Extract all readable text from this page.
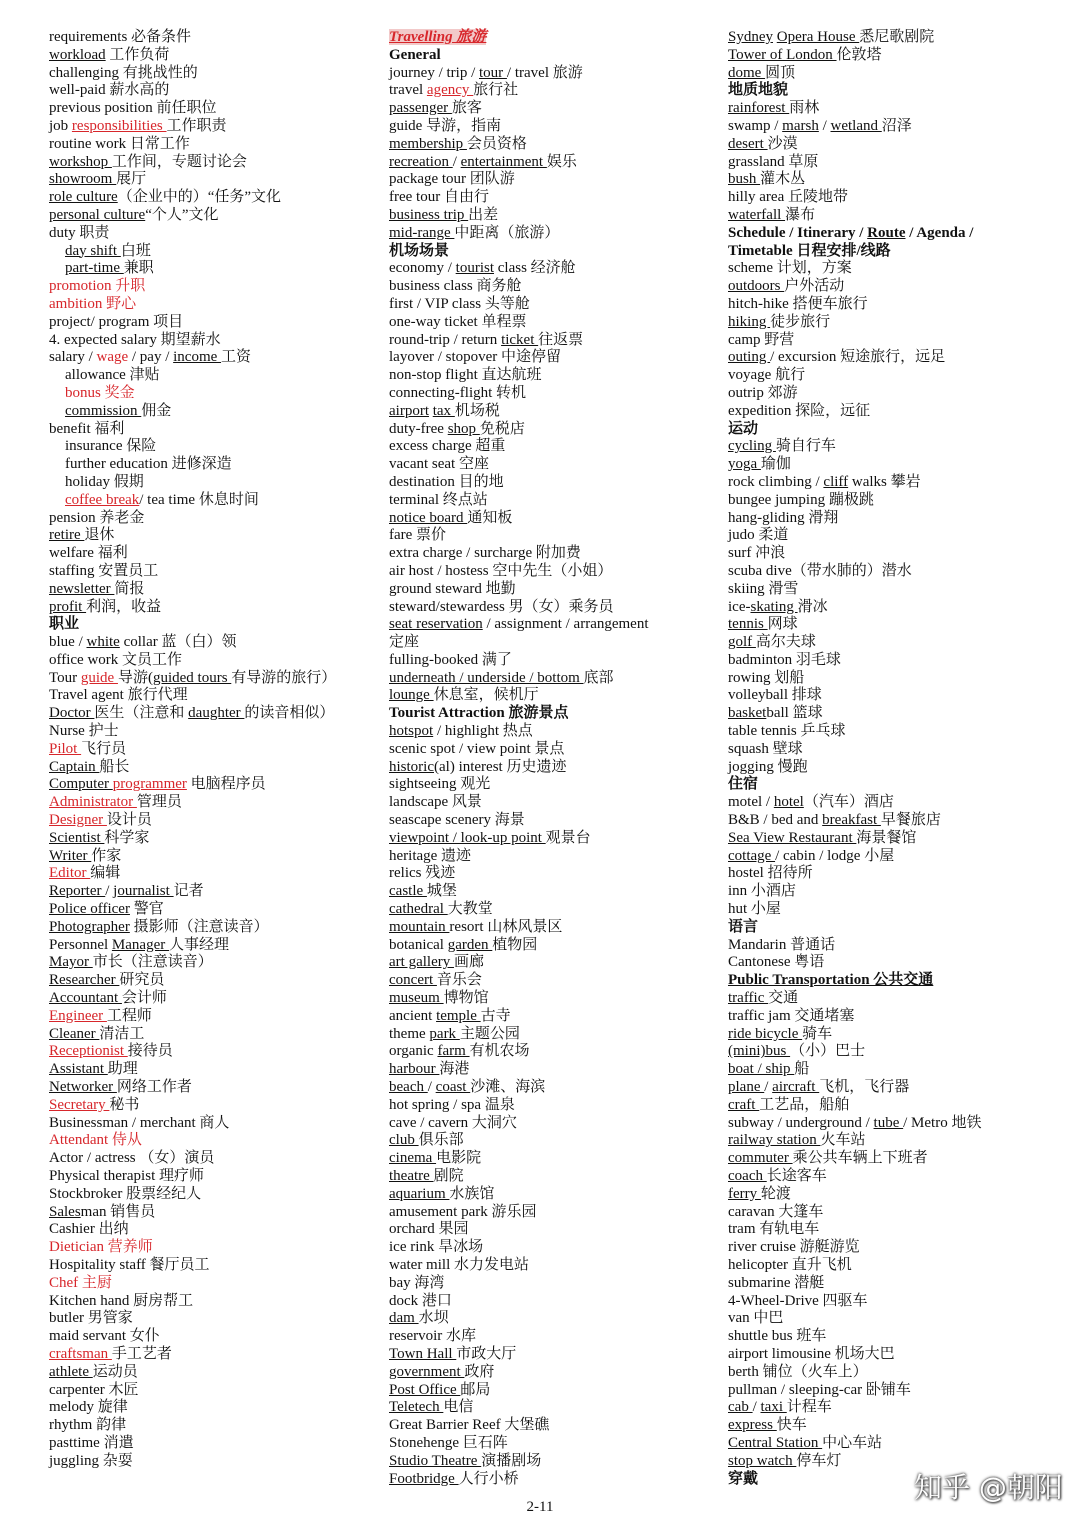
requirements 必备条件
workload 工作负荷
challenging 有挑战性的
well-paid 薪水高的
previous position 前任职位
job responsibilities 工作职责
routine work 日常工作
workshop 工作间，专题讨论会
showroom 展厅
role culture（企业中的）“任务”文化
personal culture“个人”文化
duty 职责
day shift 白班
part-time 兼职
promotion 升职
ambition 野心
project/ program 项目
4. expected salary 期望薪水
salary / wage / pay / income 工资
allowance 津贴
bonus 奖金
commission 佣金
benefit 福利
insurance 保险
further education 进修深造
holiday 假期
coffee break/ tea time 休息时间
pension 养老金
retire 退休
welfare 福利
staffing 安置员工
newsletter 简报
profit 利润，收益
职业
blue / white collar 蓝（白）领
office work 文员工作
Tour guide 导游(guided tours 有导游的旅行）
Travel agent 旅行代理
Doctor 医生（注意和 daughter 的读音相似）
Nurse 护士
Pilot 飞行员
Captain 船长
Computer programmer 电脑程序员
Administrator 管理员
Designer 设计员
Scientist 科学家
Writer 作家
Editor 编辑
Reporter / journalist 记者
Police officer 警官
Photographer 摄影师（注意读音）
Personnel Manager 人事经理
Mayor 市长（注意读音）
Researcher 研究员
Accountant 会计师
Engineer 工程师
Cleaner 清洁工
Receptionist 接待员
Assistant 助理
Networker 网络工作者
Secretary 秘书
Businessman / merchant 商人
Attendant 侍从
Actor / actress （女）演员
Physical therapist 理疗师
Stockbroker 股票经纪人
Salesman 销售员
Cashier 出纳
Dietician 营养师
Hospitality staff 餐厅员工
Chef 主厨
Kitchen hand 厨房帮工
butler 男管家
maid servant 女仆
craftsman 手工艺者
athlete 运动员
carpenter 木匠
melody 旋律
rhythm 韵律
pasttime 消遣
juggling 杂耍
Travelling 旅游
General
journey / trip / tour / travel 旅游
travel agency 旅行社
passenger 旅客
guide 导游，指南
membership 会员资格
recreation / entertainment 娱乐
package tour 团队游
free tour 自由行
business trip 出差
mid-range 中距离（旅游）
机场场景
economy / tourist class 经济舱
business class 商务舱
first / VIP class 头等舱
one-way ticket 单程票
round-trip / return ticket 往返票
layover / stopover 中途停留
non-stop flight 直达航班
connecting-flight 转机
airport tax 机场税
duty-free shop 免税店
excess charge 超重
vacant seat 空座
destination 目的地
terminal 终点站
notice board 通知板
fare 票价
extra charge / surcharge 附加费
air host / hostess 空中先生（小姐）
ground steward 地勤
steward/stewardess 男（女）乘务员
seat reservation / assignment / arrangement
定座
fulling-booked 满了
underneath / underside / bottom 底部
lounge 休息室，候机厅
Tourist Attraction 旅游景点
hotspot / highlight 热点
scenic spot / view point 景点
historic(al) interest 历史遗迹
sightseeing 观光
landscape 风景
seascape scenery 海景
viewpoint / look-up point 观景台
heritage 遗迹
relics 残迹
castle 城堡
cathedral 大教堂
mountain resort 山林风景区
botanical garden 植物园
art gallery 画廊
concert 音乐会
museum 博物馆
ancient temple 古寺
theme park 主题公园
organic farm 有机农场
harbour 海港
beach / coast 沙滩、海滨
hot spring / spa 温泉
cave / cavern 大洞穴
club 俱乐部
cinema 电影院
theatre 剧院
aquarium 水族馆
amusement park 游乐园
orchard 果园
ice rink 旱冰场
water mill 水力发电站
bay 海湾
dock 港口
dam 水坝
reservoir 水库
Town Hall 市政大厅
government 政府
Post Office 邮局
Teletech 电信
Great Barrier Reef 大堡礁
Stonehenge 巨石阵
Studio Theatre 演播剧场
Footbridge 人行小桥
Sydney Opera House 悉尼歌剧院
Tower of London 伦敦塔
dome 圆顶
地质地貌
rainforest 雨林
swamp / marsh / wetland 沼泽
desert 沙漠
grassland 草原
bush 灌木丛
hilly area 丘陵地带
waterfall 瀑布
Schedule / Itinerary / Route / Agenda /
Timetable 日程安排/线路
scheme 计划，方案
outdoors 户外活动
hitch-hike 搭便车旅行
hiking 徒步旅行
camp 野营
outing / excursion 短途旅行，远足
voyage 航行
outrip 郊游
expedition 探险，远征
运动
cycling 骑自行车
yoga 瑜伽
rock climbing / cliff walks 攀岩
bungee jumping 蹦极跳
hang-gliding 滑翔
judo 柔道
surf 冲浪
scuba dive（带水肺的）潜水
skiing 滑雪
ice-skating 滑冰
tennis 网球
golf 高尔夫球
badminton 羽毛球
rowing 划船
volleyball 排球
basketball 篮球
table tennis 乒乓球
squash 壁球
jogging 慢跑
住宿
motel / hotel（汽车）酒店
B&B / bed and breakfast 早餐旅店
Sea View Restaurant 海景餐馆
cottage / cabin / lodge 小屋
hostel 招待所
inn 小酒店
hut 小屋
语言
Mandarin 普通话
Cantonese 粤语
Public Transportation 公共交通
traffic 交通
traffic jam 交通堵塞
ride bicycle 骑车
(mini)bus （小）巴士
boat / ship 船
plane / aircraft 飞机，飞行器
craft 工艺品，船舶
subway / underground / tube / Metro 地铁
railway station 火车站
commuter 乘公共车辆上下班者
coach 长途客车
ferry 轮渡
caravan 大篷车
tram 有轨电车
river cruise 游艇游览
helicopter 直升飞机
submarine 潜艇
4-Wheel-Drive 四驱车
van 中巴
shuttle bus 班车
airport limousine 机场大巴
berth 铺位（火车上）
pullman / sleeping-car 卧铺车
cab / taxi 计程车
express 快车
Central Station 中心车站
stop watch 停车灯
穿戴
2-11
知乎 @朝阳
